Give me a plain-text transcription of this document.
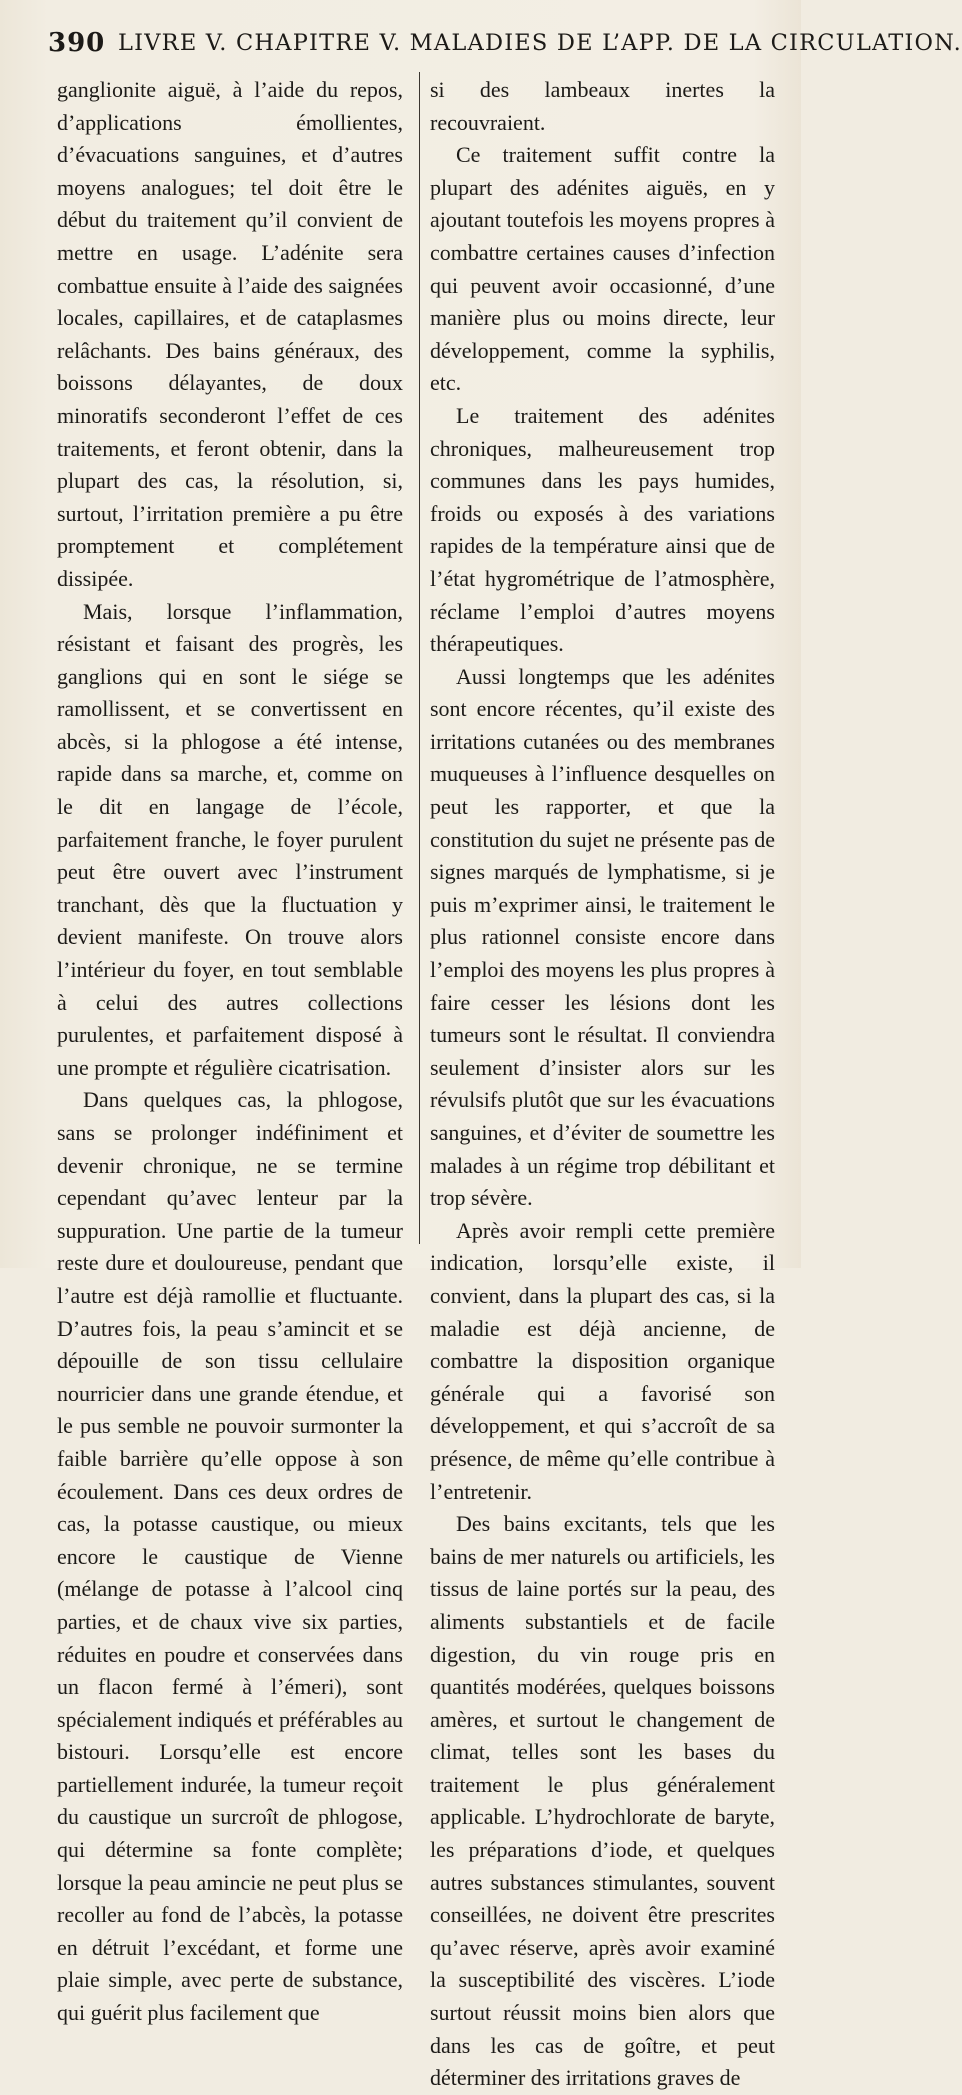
390 LIVRE V. CHAPITRE V. MALADIES DE L’APP. DE LA CIRCULATION.

ganglionite aiguë, à l’aide du repos, d’applications émollientes, d’évacuations sanguines, et d’autres moyens analogues; tel doit être le début du traitement qu’il convient de mettre en usage. L’adénite sera combattue ensuite à l’aide des saignées locales, capillaires, et de cataplasmes relâchants. Des bains généraux, des boissons délayantes, de doux minoratifs seconderont l’effet de ces traitements, et feront obtenir, dans la plupart des cas, la résolution, si, surtout, l’irritation première a pu être promptement et complétement dissipée.

Mais, lorsque l’inflammation, résistant et faisant des progrès, les ganglions qui en sont le siége se ramollissent, et se convertissent en abcès, si la phlogose a été intense, rapide dans sa marche, et, comme on le dit en langage de l’école, parfaitement franche, le foyer purulent peut être ouvert avec l’instrument tranchant, dès que la fluctuation y devient manifeste. On trouve alors l’intérieur du foyer, en tout semblable à celui des autres collections purulentes, et parfaitement disposé à une prompte et régulière cicatrisation.

Dans quelques cas, la phlogose, sans se prolonger indéfiniment et devenir chronique, ne se termine cependant qu’avec lenteur par la suppuration. Une partie de la tumeur reste dure et douloureuse, pendant que l’autre est déjà ramollie et fluctuante. D’autres fois, la peau s’amincit et se dépouille de son tissu cellulaire nourricier dans une grande étendue, et le pus semble ne pouvoir surmonter la faible barrière qu’elle oppose à son écoulement. Dans ces deux ordres de cas, la potasse caustique, ou mieux encore le caustique de Vienne (mélange de potasse à l’alcool cinq parties, et de chaux vive six parties, réduites en poudre et conservées dans un flacon fermé à l’émeri), sont spécialement indiqués et préférables au bistouri. Lorsqu’elle est encore partiellement indurée, la tumeur reçoit du caustique un surcroît de phlogose, qui détermine sa fonte complète; lorsque la peau amincie ne peut plus se recoller au fond de l’abcès, la potasse en détruit l’excédant, et forme une plaie simple, avec perte de substance, qui guérit plus facilement que

si des lambeaux inertes la recouvraient.

Ce traitement suffit contre la plupart des adénites aiguës, en y ajoutant toutefois les moyens propres à combattre certaines causes d’infection qui peuvent avoir occasionné, d’une manière plus ou moins directe, leur développement, comme la syphilis, etc.

Le traitement des adénites chroniques, malheureusement trop communes dans les pays humides, froids ou exposés à des variations rapides de la température ainsi que de l’état hygrométrique de l’atmosphère, réclame l’emploi d’autres moyens thérapeutiques.

Aussi longtemps que les adénites sont encore récentes, qu’il existe des irritations cutanées ou des membranes muqueuses à l’influence desquelles on peut les rapporter, et que la constitution du sujet ne présente pas de signes marqués de lymphatisme, si je puis m’exprimer ainsi, le traitement le plus rationnel consiste encore dans l’emploi des moyens les plus propres à faire cesser les lésions dont les tumeurs sont le résultat. Il conviendra seulement d’insister alors sur les révulsifs plutôt que sur les évacuations sanguines, et d’éviter de soumettre les malades à un régime trop débilitant et trop sévère.

Après avoir rempli cette première indication, lorsqu’elle existe, il convient, dans la plupart des cas, si la maladie est déjà ancienne, de combattre la disposition organique générale qui a favorisé son développement, et qui s’accroît de sa présence, de même qu’elle contribue à l’entretenir.

Des bains excitants, tels que les bains de mer naturels ou artificiels, les tissus de laine portés sur la peau, des aliments substantiels et de facile digestion, du vin rouge pris en quantités modérées, quelques boissons amères, et surtout le changement de climat, telles sont les bases du traitement le plus généralement applicable. L’hydrochlorate de baryte, les préparations d’iode, et quelques autres substances stimulantes, souvent conseillées, ne doivent être prescrites qu’avec réserve, après avoir examiné la susceptibilité des viscères. L’iode surtout réussit moins bien alors que dans les cas de goître, et peut déterminer des irritations graves de
